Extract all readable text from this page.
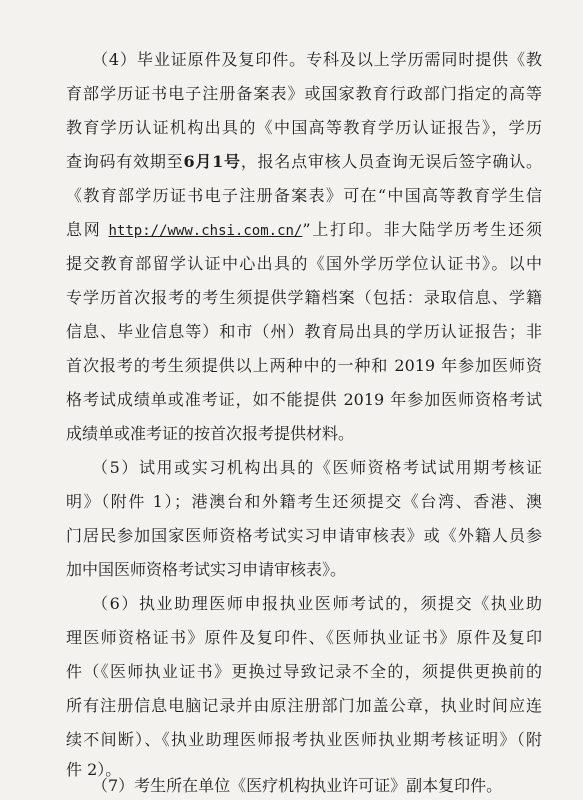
（4）毕业证原件及复印件。专科及以上学历需同时提供《教
育部学历证书电子注册备案表》或国家教育行政部门指定的高等
教育学历认证机构出具的《中国高等教育学历认证报告》，学历
查询码有效期至6月1号，报名点审核人员查询无误后签字确认。
《教育部学历证书电子注册备案表》可在“中国高等教育学生信
息网 http://www.chsi.com.cn/”上打印。非大陆学历考生还须
提交教育部留学认证中心出具的《国外学历学位认证书》。以中
专学历首次报考的考生须提供学籍档案（包括：录取信息、学籍
信息、毕业信息等）和市（州）教育局出具的学历认证报告；非
首次报考的考生须提供以上两种中的一种和 2019 年参加医师资
格考试成绩单或准考证，如不能提供 2019 年参加医师资格考试
成绩单或准考证的按首次报考提供材料。
（5）试用或实习机构出具的《医师资格考试试用期考核证
明》（附件 1）；港澳台和外籍考生还须提交《台湾、香港、澳
门居民参加国家医师资格考试实习申请审核表》或《外籍人员参
加中国医师资格考试实习申请审核表》。
（6）执业助理医师申报执业医师考试的，须提交《执业助
理医师资格证书》原件及复印件、《医师执业证书》原件及复印
件（《医师执业证书》更换过导致记录不全的，须提供更换前的
所有注册信息电脑记录并由原注册部门加盖公章，执业时间应连
续不间断）、《执业助理医师报考执业医师执业期考核证明》（附
件 2）。
（7）考生所在单位《医疗机构执业许可证》副本复印件。
